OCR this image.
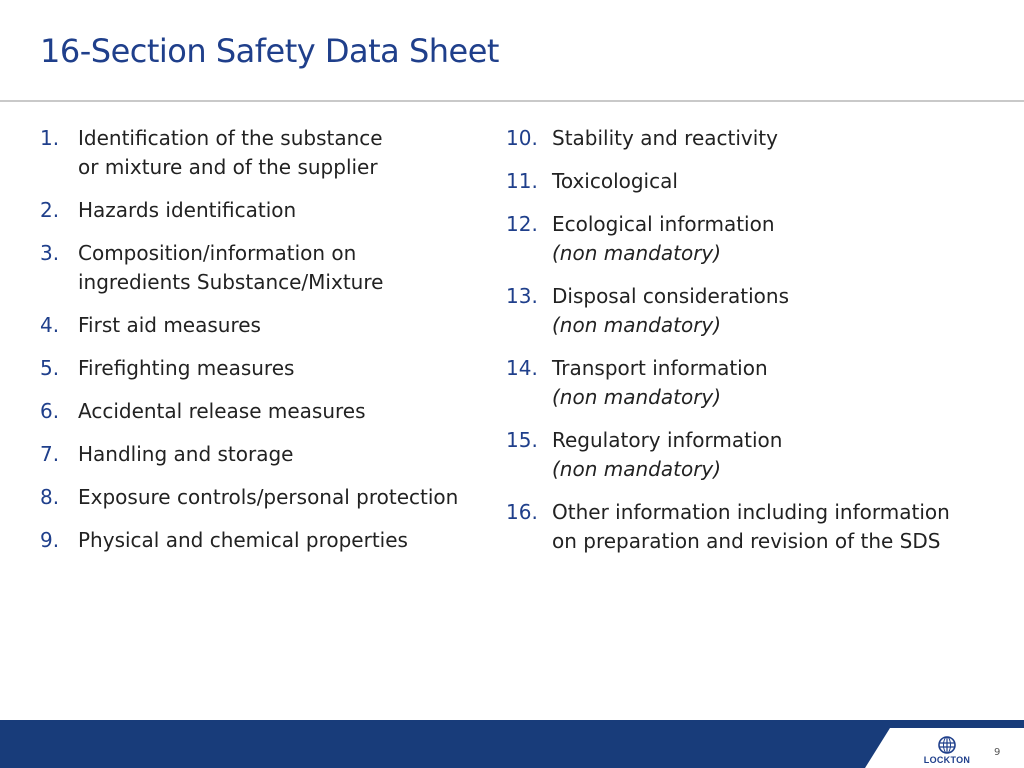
16-Section Safety Data Sheet
1. Identification of the substance
or mixture and of the supplier
2. Hazards identification
3. Composition/information on
ingredients Substance/Mixture
4. First aid measures
5. Firefighting measures
6. Accidental release measures
7. Handling and storage
8. Exposure controls/personal protection
9. Physical and chemical properties
10. Stability and reactivity
11. Toxicological
12. Ecological information
(non mandatory)
13. Disposal considerations
(non mandatory)
14. Transport information
(non mandatory)
15. Regulatory information
(non mandatory)
16. Other information including information
on preparation and revision of the SDS
LOCKTON
9
